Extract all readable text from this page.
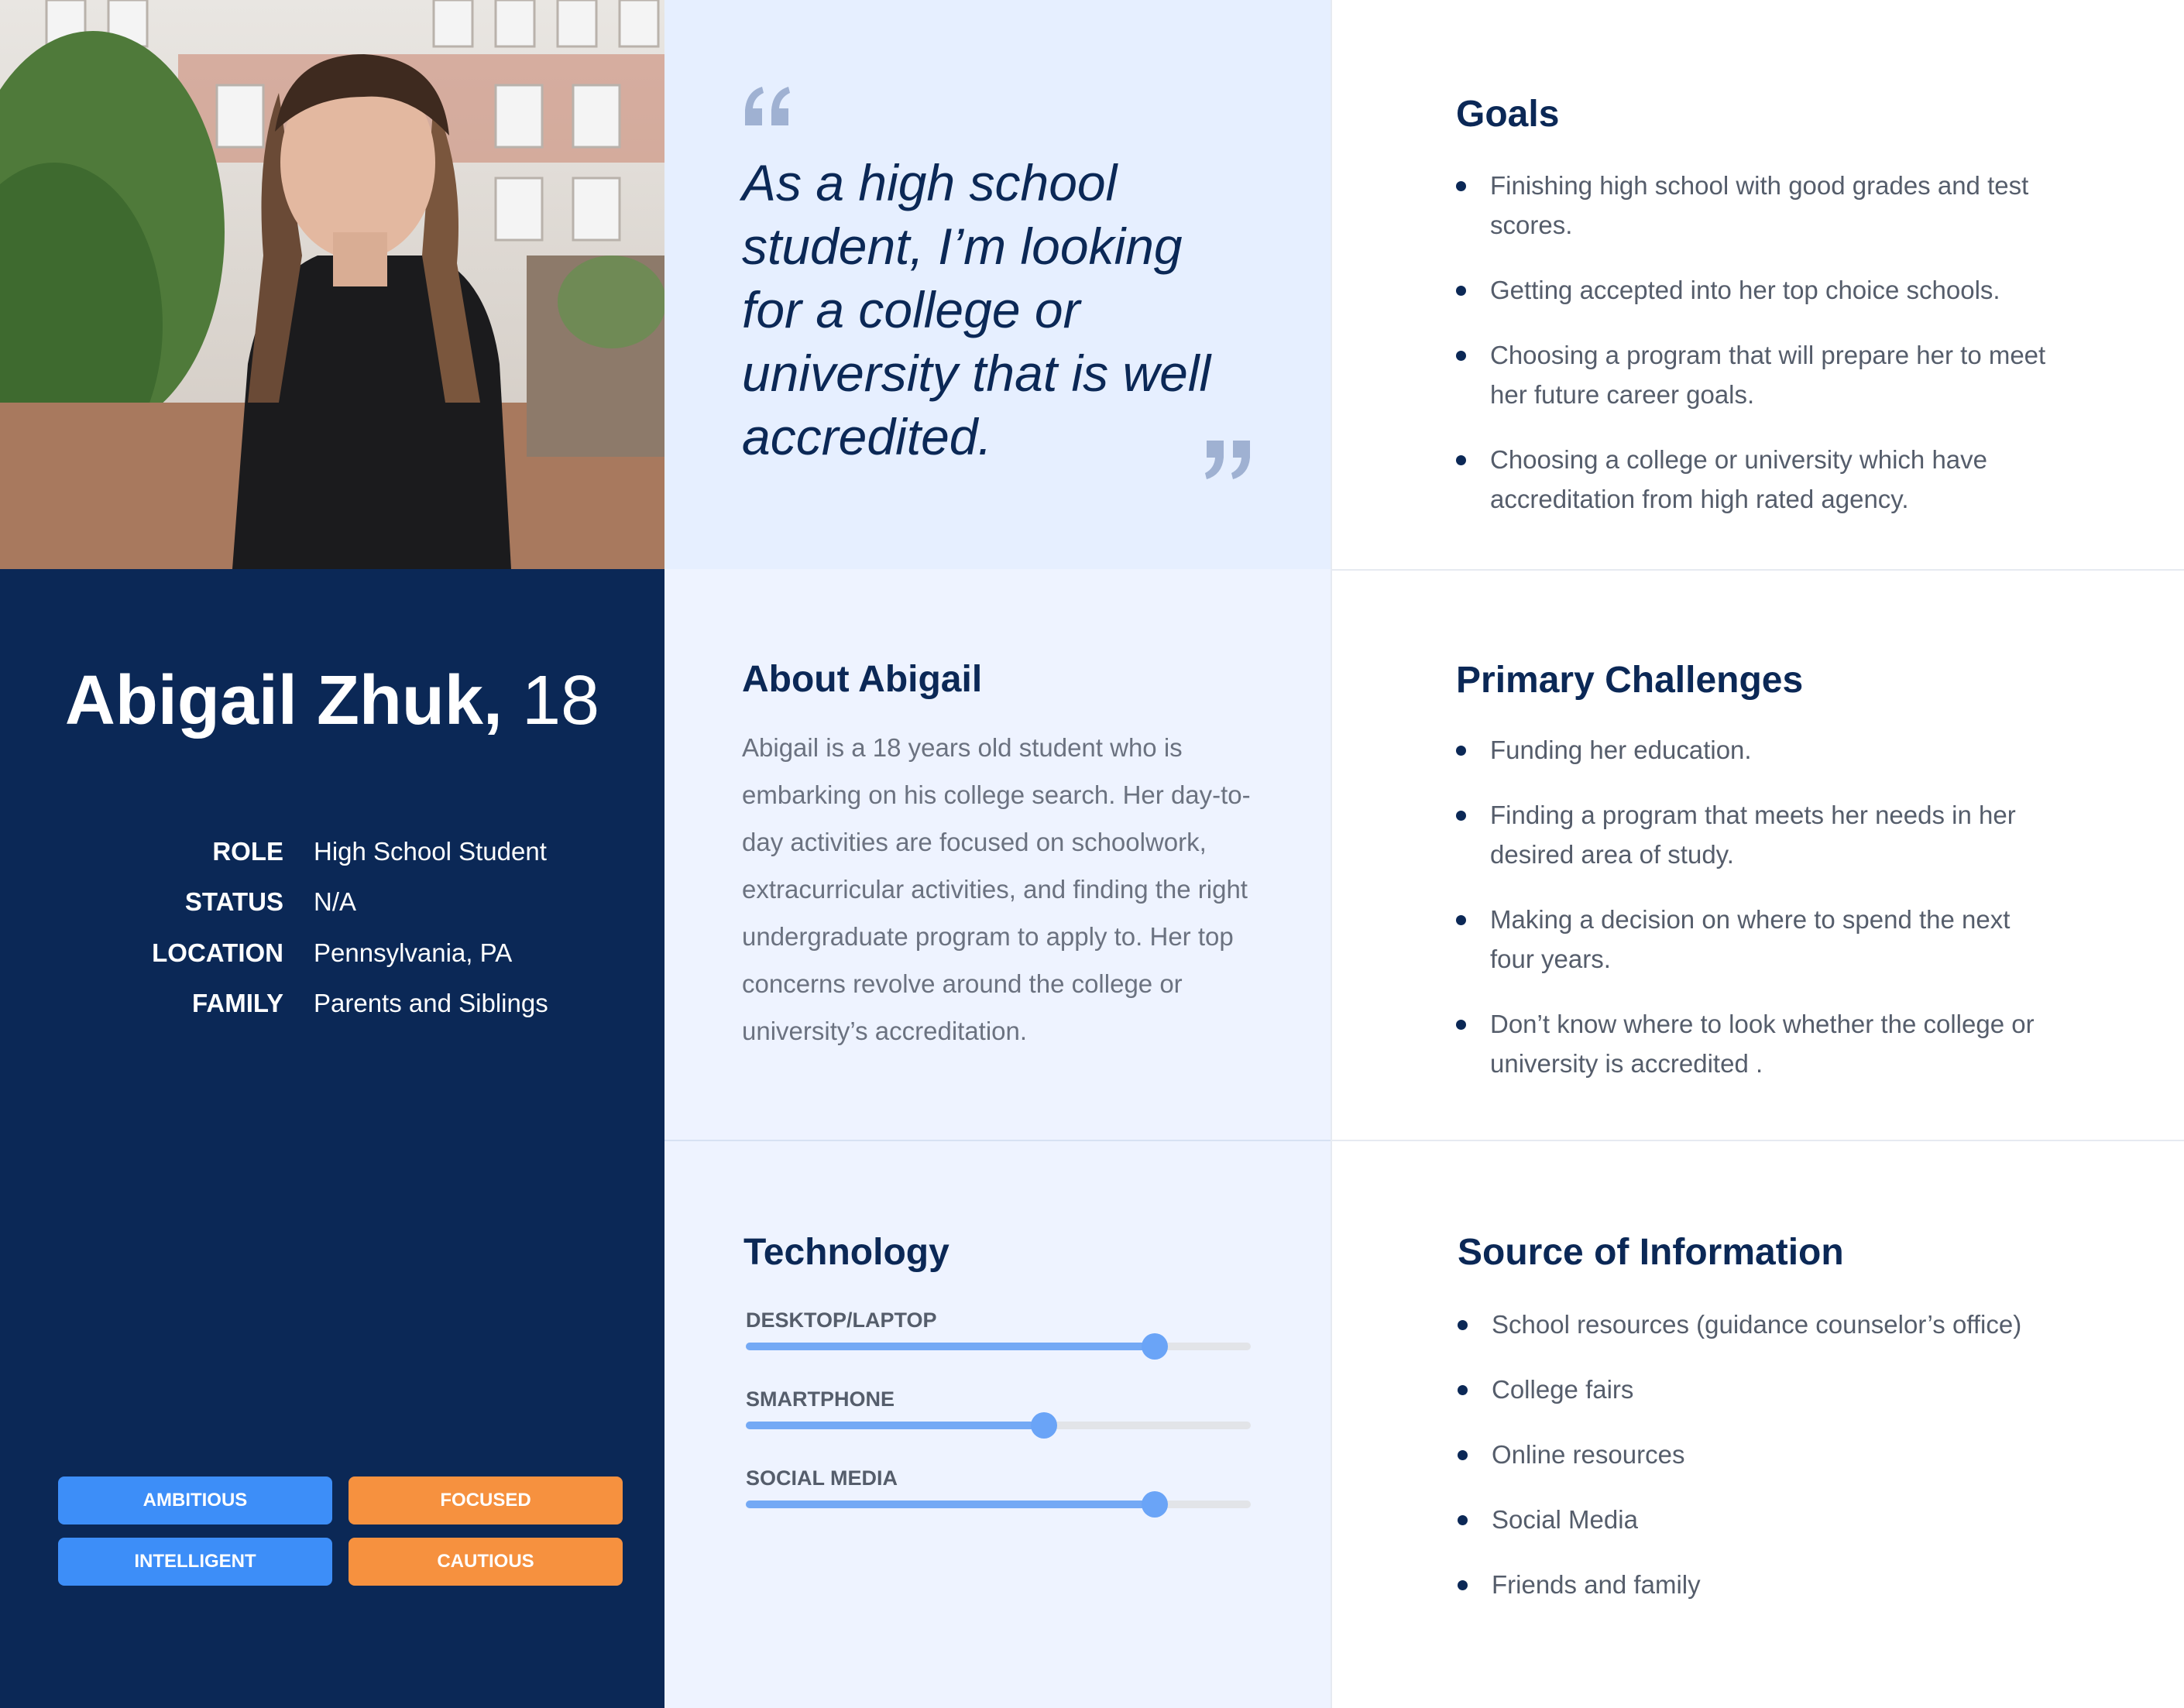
Abigail Zhuk, 18
ROLE High School Student
STATUS N/A
LOCATION Pennsylvania, PA
FAMILY Parents and Siblings
AMBITIOUS	FOCUSED
INTELLIGENT	CAUTIOUS
As a high school student, I’m looking for a college or university that is well accredited.
About Abigail
Abigail is a 18 years old student who is embarking on his college search. Her day-to-day activities are focused on schoolwork, extracurricular activities, and finding the right undergraduate program to apply to. Her top concerns revolve around the college or university’s accreditation.
Technology
DESKTOP/LAPTOP
SMARTPHONE
SOCIAL MEDIA
Goals
Finishing high school with good grades and test scores.
Getting accepted into her top choice schools.
Choosing a program that will prepare her to meet her future career goals.
Choosing a college or university which have accreditation from high rated agency.
Primary Challenges
Funding her education.
Finding a program that meets her needs in her desired area of study.
Making a decision on where to spend the next four years.
Don’t know where to look whether the college or university is accredited .
Source of Information
School resources (guidance counselor’s office)
College fairs
Online resources
Social Media
Friends and family
